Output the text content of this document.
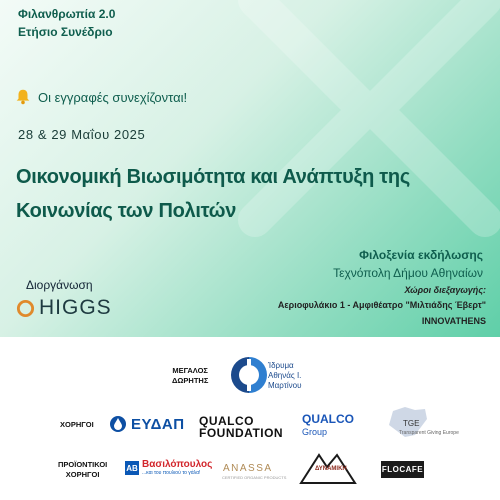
Φιλανθρωπία 2.0
Ετήσιο Συνέδριο
Οι εγγραφές συνεχίζονται!
28 & 29 Μαΐου 2025
Οικονομική Βιωσιμότητα και Ανάπτυξη της
Κοινωνίας των Πολιτών
Φιλοξενία εκδήλωσης
Τεχνόπολη Δήμου Αθηναίων
Χώροι διεξαγωγής:
Αεριοφυλάκιο 1 - Αμφιθέατρο "Μιλτιάδης Έβερτ"
INNOVATHENS
Διοργάνωση
HIGGS
ΜΕΓΑΛΟΣ
ΔΩΡΗΤΗΣ
Ίδρυμα
Αθηνάς Ι.
Μαρτίνου
ΧΟΡΗΓΟΙ ΕΥΔΑΠ QUALCO
FOUNDATION
QUALCO
Group
TGE
Transparent Giving Europe
ΠΡΟΪΟΝΤΙΚΟΙ
ΧΟΡΗΓΟΙ
ΑΒ Βασιλόπουλος
...και του πουλιού το γάλα!	ANASSA
CERTIFIED ORGANIC PRODUCTS
ΔΥΝΑΜΙΚΗ	FLOCAFE
